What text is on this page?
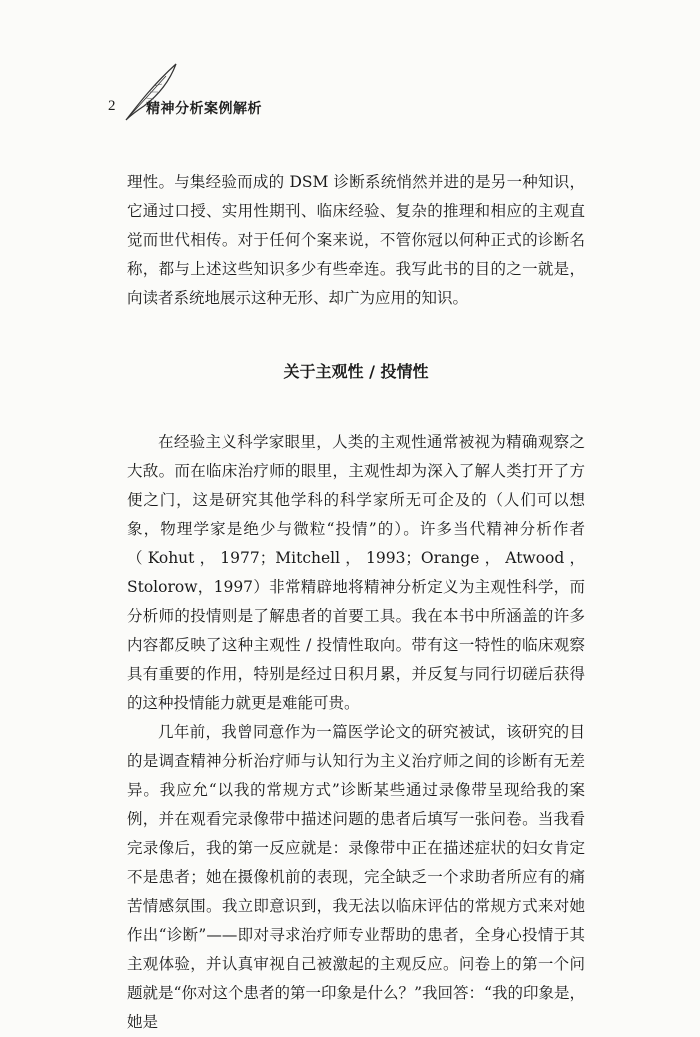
2 精神分析案例解析

理性。与集经验而成的 DSM 诊断系统悄然并进的是另一种知识，它通过口授、实用性期刊、临床经验、复杂的推理和相应的主观直觉而世代相传。对于任何个案来说，不管你冠以何种正式的诊断名称，都与上述这些知识多少有些牵连。我写此书的目的之一就是，向读者系统地展示这种无形、却广为应用的知识。

关于主观性 / 投情性

在经验主义科学家眼里，人类的主观性通常被视为精确观察之大敌。而在临床治疗师的眼里，主观性却为深入了解人类打开了方便之门，这是研究其他学科的科学家所无可企及的（人们可以想象，物理学家是绝少与微粒“投情”的）。许多当代精神分析作者（Kohut，1977；Mitchell，1993；Orange，Atwood，Stolorow，1997）非常精辟地将精神分析定义为主观性科学，而分析师的投情则是了解患者的首要工具。我在本书中所涵盖的许多内容都反映了这种主观性 / 投情性取向。带有这一特性的临床观察具有重要的作用，特别是经过日积月累，并反复与同行切磋后获得的这种投情能力就更是难能可贵。

几年前，我曾同意作为一篇医学论文的研究被试，该研究的目的是调查精神分析治疗师与认知行为主义治疗师之间的诊断有无差异。我应允“以我的常规方式”诊断某些通过录像带呈现给我的案例，并在观看完录像带中描述问题的患者后填写一张问卷。当我看完录像后，我的第一反应就是：录像带中正在描述症状的妇女肯定不是患者；她在摄像机前的表现，完全缺乏一个求助者所应有的痛苦情感氛围。我立即意识到，我无法以临床评估的常规方式来对她作出“诊断”——即对寻求治疗师专业帮助的患者，全身心投情于其主观体验，并认真审视自己被激起的主观反应。问卷上的第一个问题就是“你对这个患者的第一印象是什么？”我回答：“我的印象是，她是
